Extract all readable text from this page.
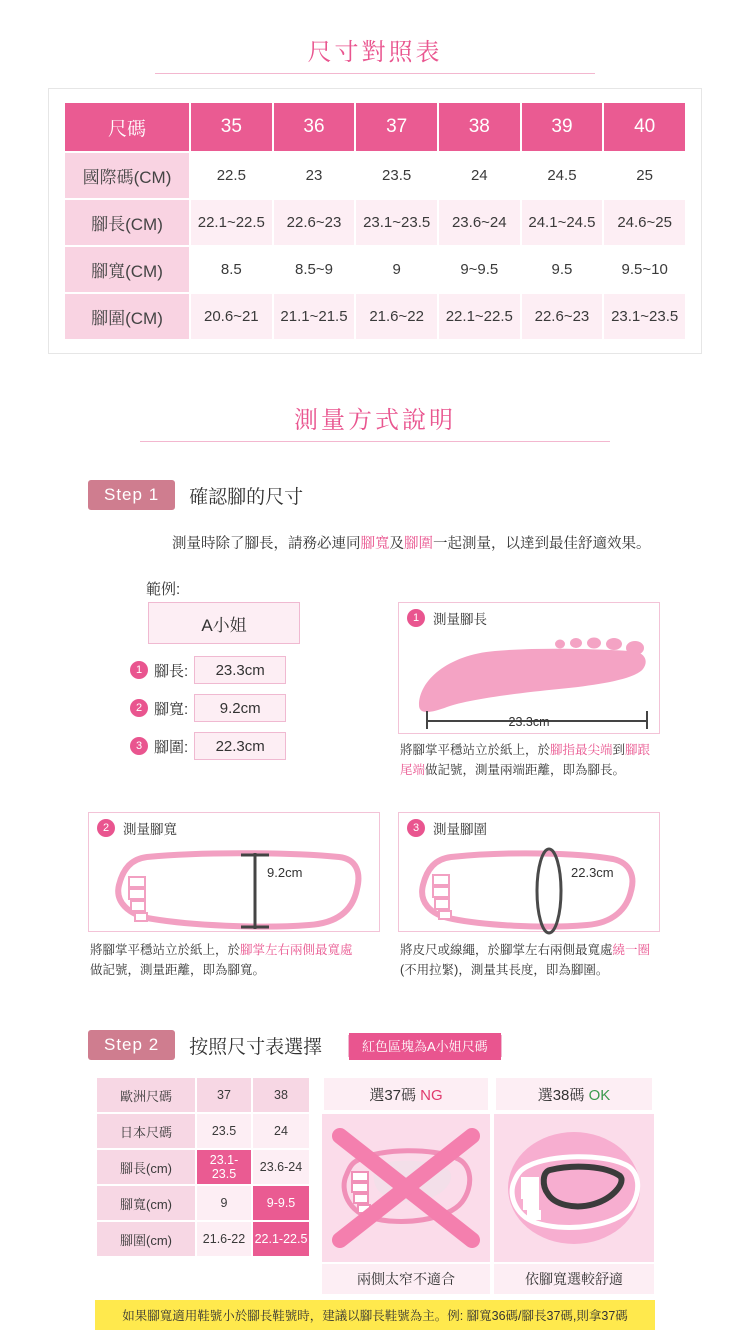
尺寸對照表
尺碼	35	36	37	38	39	40
國際碼(CM)	22.5	23	23.5	24	24.5	25
腳長(CM)	22.1~22.5	22.6~23	23.1~23.5	23.6~24	24.1~24.5	24.6~25
腳寬(CM)	8.5	8.5~9	9	9~9.5	9.5	9.5~10
腳圍(CM)	20.6~21	21.1~21.5	21.6~22	22.1~22.5	22.6~23	23.1~23.5
測量方式說明
Step 1	確認腳的尺寸
測量時除了腳長，請務必連同腳寬及腳圍一起測量，以達到最佳舒適效果。
範例:
A小姐
1 腳長:	23.3cm
2 腳寬:	9.2cm
3 腳圍:	22.3cm
1	測量腳長
23.3cm
將腳掌平穩站立於紙上，於腳指最尖端到腳跟尾端做記號，測量兩端距離，即為腳長。
2	測量腳寬
9.2cm
將腳掌平穩站立於紙上，於腳掌左右兩側最寬處做記號，測量距離，即為腳寬。
3	測量腳圍
22.3cm
將皮尺或線繩，於腳掌左右兩側最寬處繞一圈(不用拉緊)，測量其長度，即為腳圍。
Step 2	按照尺寸表選擇	紅色區塊為A小姐尺碼
歐洲尺碼	37	38
日本尺碼	23.5	24
腳長(cm)	23.1-23.5	23.6-24
腳寬(cm)	9	9-9.5
腳圍(cm)	21.6-22	22.1-22.5
選37碼 NG	選38碼 OK
兩側太窄不適合	依腳寬選較舒適
如果腳寬適用鞋號小於腳長鞋號時，建議以腳長鞋號為主。例: 腳寬36碼/腳長37碼,則拿37碼
